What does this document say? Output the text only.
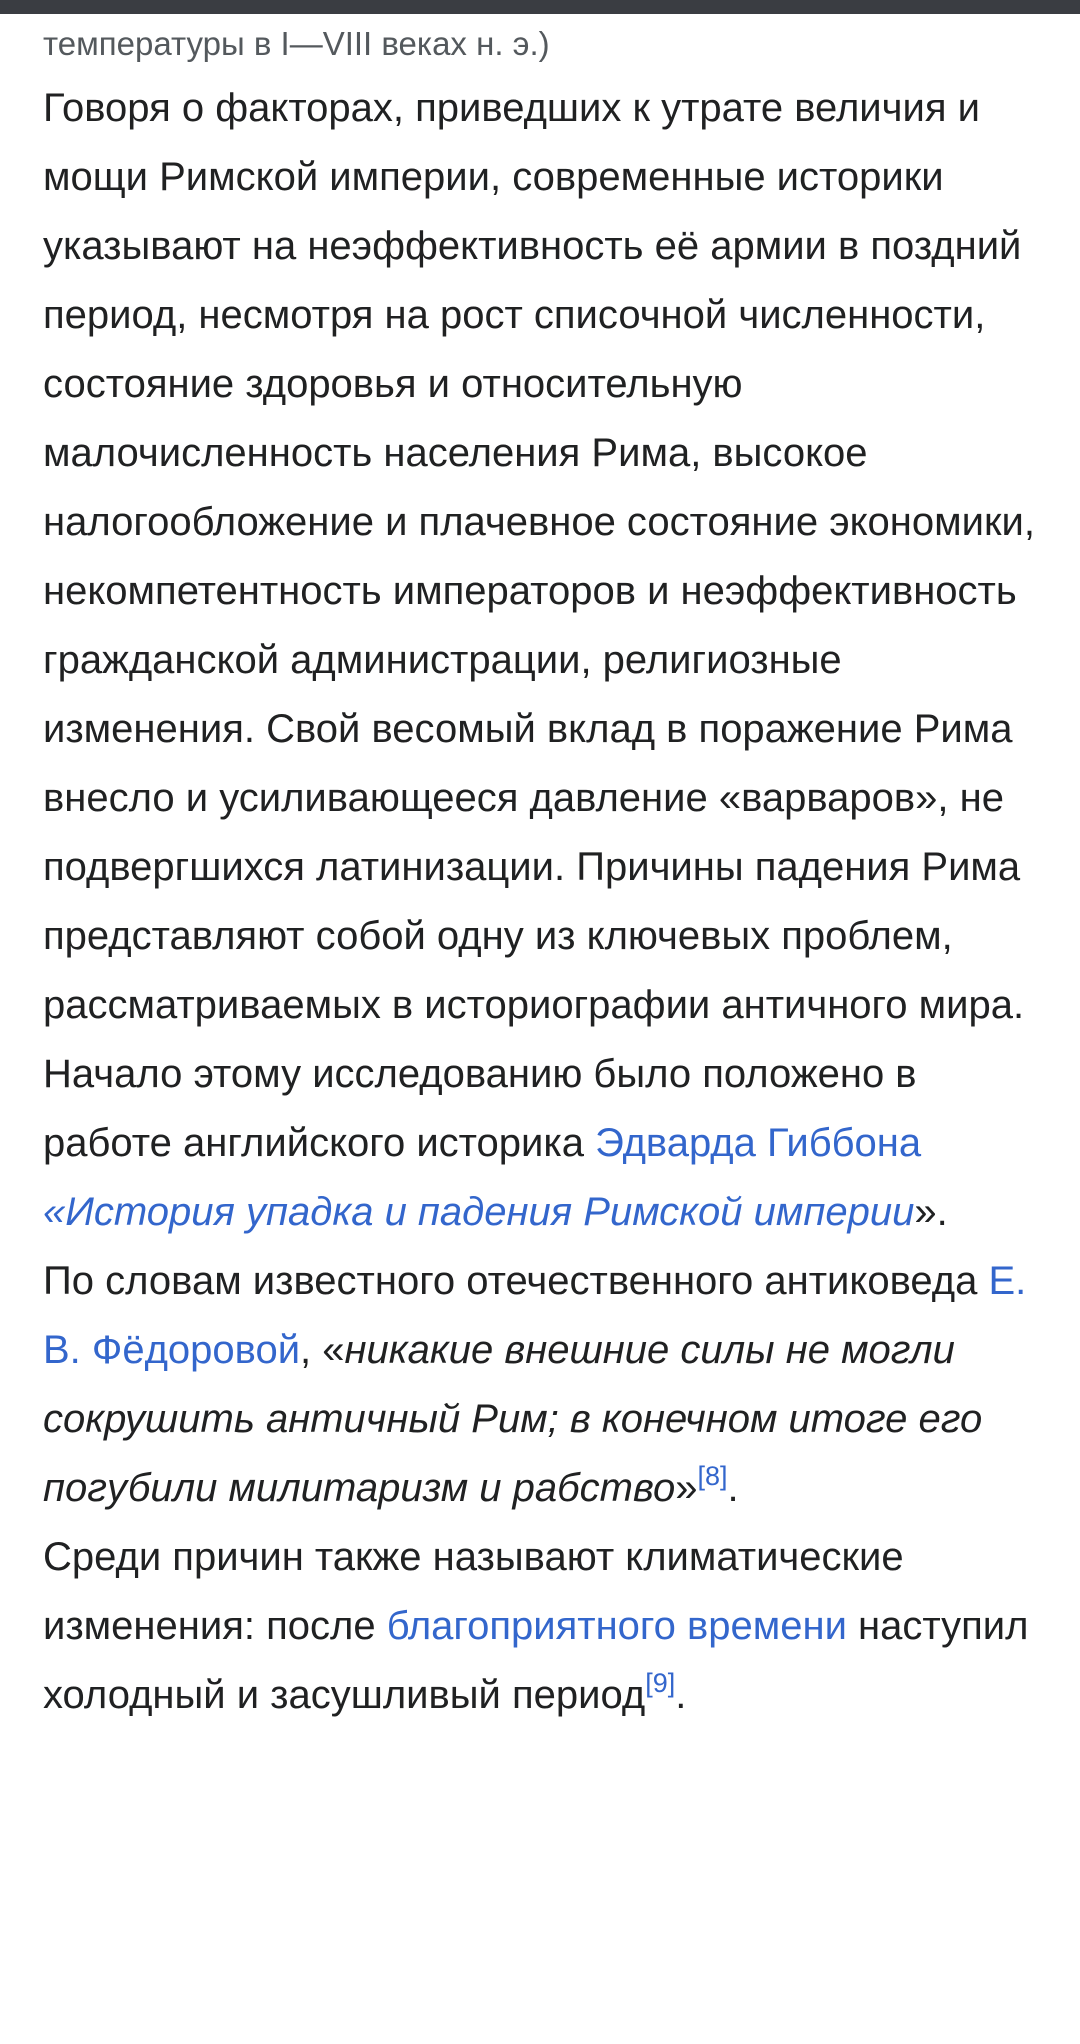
температуры в I—VIII веках н. э.)

Говоря о факторах, приведших к утрате величия и мощи Римской империи, современные историки указывают на неэффективность её армии в поздний период, несмотря на рост списочной численности, состояние здоровья и относительную малочисленность населения Рима, высокое налогообложение и плачевное состояние экономики, некомпетентность императоров и неэффективность гражданской администрации, религиозные изменения. Свой весомый вклад в поражение Рима внесло и усиливающееся давление «варваров», не подвергшихся латинизации. Причины падения Рима представляют собой одну из ключевых проблем, рассматриваемых в историографии античного мира. Начало этому исследованию было положено в работе английского историка Эдварда Гиббона «История упадка и падения Римской империи».

По словам известного отечественного антиковеда Е. В. Фёдоровой, «никакие внешние силы не могли сокрушить античный Рим; в конечном итоге его погубили милитаризм и рабство»[8].

Среди причин также называют климатические изменения: после благоприятного времени наступил холодный и засушливый период[9].
